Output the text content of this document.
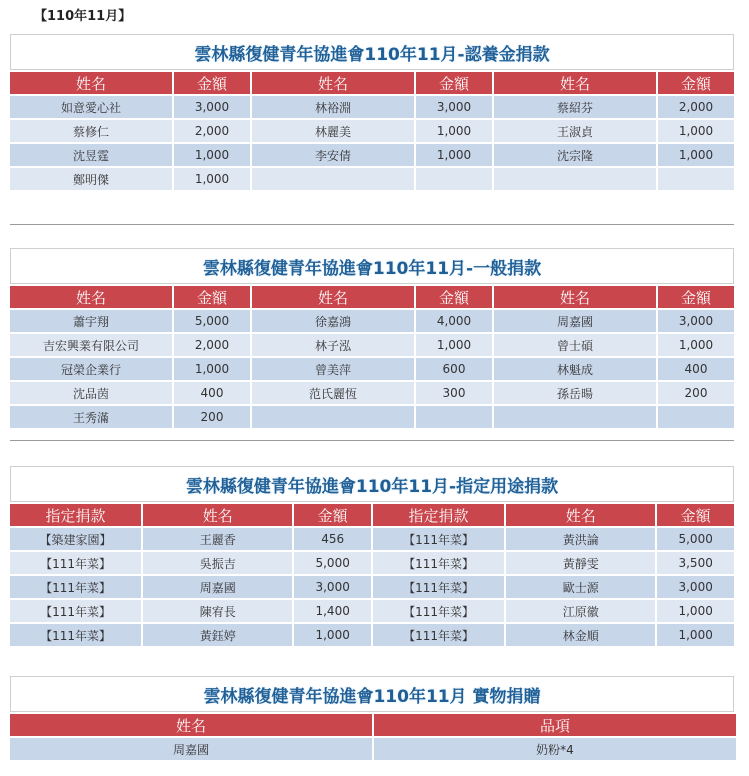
【110年11月】
雲林縣復健青年協進會110年11月-認養金捐款
姓名	金額	姓名	金額	姓名	金額
如意愛心社	3,000	林裕淵	3,000	蔡紹芬	2,000
蔡修仁	2,000	林麗美	1,000	王淑貞	1,000
沈昱霆	1,000	李安倩	1,000	沈宗隆	1,000
鄭明傑	1,000				
雲林縣復健青年協進會110年11月-一般捐款
姓名	金額	姓名	金額	姓名	金額
蕭宇翔	5,000	徐嘉鴻	4,000	周嘉國	3,000
吉宏興業有限公司	2,000	林子泓	1,000	曾士碩	1,000
冠榮企業行	1,000	曾美萍	600	林魁成	400
沈品茵	400	范氏麗恆	300	孫岳暘	200
王秀滿	200				
雲林縣復健青年協進會110年11月-指定用途捐款
指定捐款	姓名	金額	指定捐款	姓名	金額
【築建家園】	王麗香	456	【111年菜】	黃洪論	5,000
【111年菜】	吳振吉	5,000	【111年菜】	黃靜雯	3,500
【111年菜】	周嘉國	3,000	【111年菜】	歐士源	3,000
【111年菜】	陳宥長	1,400	【111年菜】	江原徽	1,000
【111年菜】	黃鈺婷	1,000	【111年菜】	林金順	1,000
雲林縣復健青年協進會110年11月 實物捐贈
姓名	品項
周嘉國	奶粉*4
